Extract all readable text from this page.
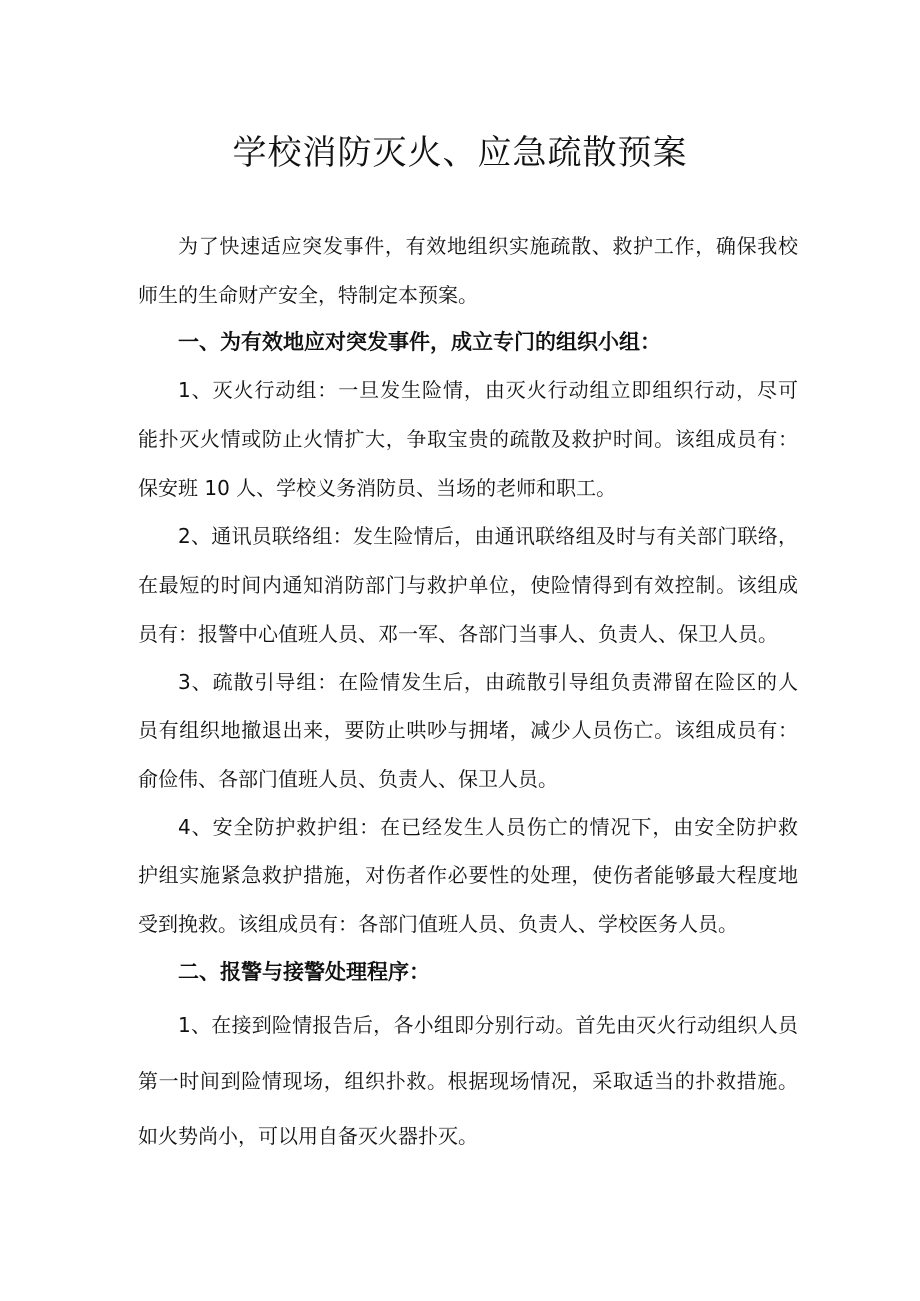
学校消防灭火、应急疏散预案

为了快速适应突发事件，有效地组织实施疏散、救护工作，确保我校

师生的生命财产安全，特制定本预案。

一、为有效地应对突发事件，成立专门的组织小组：

1、灭火行动组：一旦发生险情，由灭火行动组立即组织行动，尽可

能扑灭火情或防止火情扩大，争取宝贵的疏散及救护时间。该组成员有：

保安班 10 人、学校义务消防员、当场的老师和职工。

2、通讯员联络组：发生险情后，由通讯联络组及时与有关部门联络，

在最短的时间内通知消防部门与救护单位，使险情得到有效控制。该组成

员有：报警中心值班人员、邓一军、各部门当事人、负责人、保卫人员。

3、疏散引导组：在险情发生后，由疏散引导组负责滞留在险区的人

员有组织地撤退出来，要防止哄吵与拥堵，减少人员伤亡。该组成员有：

俞俭伟、各部门值班人员、负责人、保卫人员。

4、安全防护救护组：在已经发生人员伤亡的情况下，由安全防护救

护组实施紧急救护措施，对伤者作必要性的处理，使伤者能够最大程度地

受到挽救。该组成员有：各部门值班人员、负责人、学校医务人员。

二、报警与接警处理程序：

1、在接到险情报告后，各小组即分别行动。首先由灭火行动组织人员

第一时间到险情现场，组织扑救。根据现场情况，采取适当的扑救措施。

如火势尚小，可以用自备灭火器扑灭。
